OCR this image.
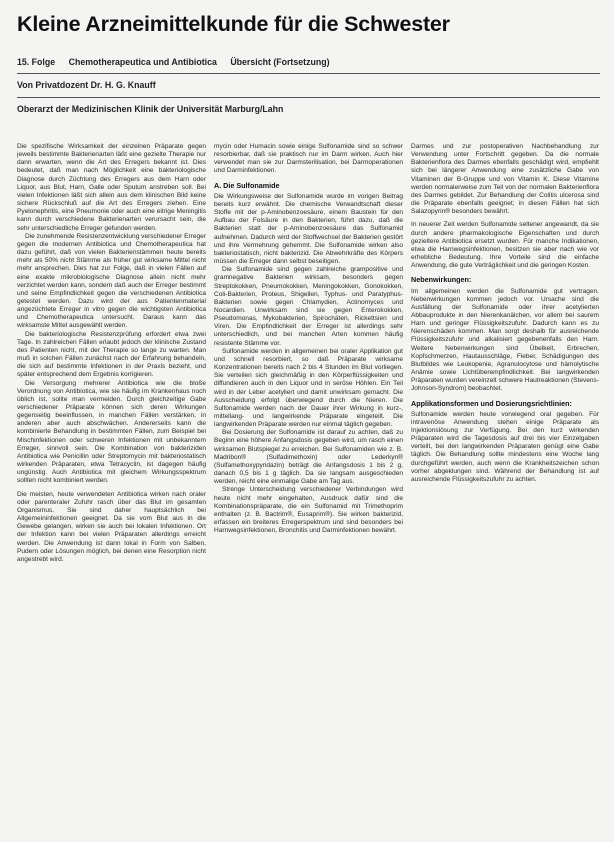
Kleine Arzneimittelkunde für die Schwester
15. Folge Chemotherapeutica und Antibiotica Übersicht (Fortsetzung)

Von Privatdozent Dr. H. G. Knauff

Oberarzt der Medizinischen Klinik der Universität Marburg/Lahn

Die spezifische Wirksamkeit der einzelnen Präparate gegen jeweils bestimmte Bakterienarten läßt eine gezielte Therapie nur dann erwarten, wenn die Art des Erregers bekannt ist. Dies bedeutet, daß man nach Möglichkeit eine bakteriologische Diagnose durch Züchtung des Erregers aus dem Harn oder Liquor, aus Blut, Harn, Galle oder Sputum anstreben soll. Bei vielen Infektionen läßt sich allein aus dem klinischen Bild keine sichere Rückschluß auf die Art des Erregers ziehen. Eine Pyelonephritis, eine Pneumonie oder auch eine eitrige Meningitis kann durch verschiedene Bakterienarten verursacht sein, die sehr unterschiedliche Erreger gefunden werden.

Die zunehmende Resistenzentwicklung verschiedener Erreger gegen die modernen Antibiotica und Chemotherapeutica hat dazu geführt, daß von vielen Bakterienstämmen heute bereits mehr als 50% nicht Stämme als früher gut wirksame Mittel nicht mehr ansprechen. Dies hat zur Folge, daß in vielen Fällen auf eine exakte mikrobiologische Diagnose allein nicht mehr verzichtet werden kann, sondern daß auch der Erreger bestimmt und seine Empfindlichkeit gegen die verschiedenen Antibiotica getestet werden. Dazu wird der aus Patientenmaterial angezüchtete Erreger in vitro gegen die wichtigsten Antibiotica und Chemotherapeutica untersucht. Daraus kann das wirksamste Mittel ausgewählt werden.

Die bakteriologische Resistenzprüfung erfordert etwa zwei Tage. In zahlreichen Fällen erlaubt jedoch der klinische Zustand des Patienten nicht, mit der Therapie so lange zu warten. Man muß in solchen Fällen zunächst nach der Erfahrung behandeln, die sich auf bestimmte Infektionen in der Praxis bezieht, und später entsprechend dem Ergebnis korrigieren.

Die Versorgung mehrerer Antibiotica wie die bloße Verordnung von Antibiotica, wie sie häufig im Krankenhaus noch üblich ist, sollte man vermeiden. Durch gleichzeitige Gabe verschiedener Präparate können sich deren Wirkungen gegenseitig beeinflussen, in manchen Fällen verstärken, in anderen aber auch abschwächen. Andererseits kann die kombinierte Behandlung in bestimmten Fällen, zum Beispiel bei Mischinfektionen oder schweren Infektionen mit unbekanntem Erreger, sinnvoll sein. Die Kombination von bakteriziden Antibiotica wie Penicillin oder Streptomycin mit bakteriostatisch wirkenden Präparaten, etwa Tetracyclin, ist dagegen häufig ungünstig. Auch Antibiotica mit gleichem Wirkungsspektrum sollten nicht kombiniert werden.

Die meisten, heute verwendeten Antibiotica wirken nach oraler oder parenteraler Zufuhr rasch über das Blut im gesamten Organismus. Sie sind daher hauptsächlich bei Allgemeininfektionen geeignet. Da sie vom Blut aus in die Gewebe gelangen, wirken sie auch bei lokalen Infektionen. Ort der Infektion kann bei vielen Präparaten allerdings erreicht werden. Die Anwendung ist dann lokal in Form von Salben, Pudern oder Lösungen möglich, bei denen eine Resorption nicht angestrebt wird.

mycin oder Humacin sowie einige Sulfonamide sind so schwer resorbierbar, daß sie praktisch nur im Darm wirken. Auch hier verwendet man sie zur Darmsterilisation, bei Darmoperationen und Darminfektionen.

A. Die Sulfonamide

Die Wirkungsweise der Sulfonamide wurde im vorigen Beitrag bereits kurz erwähnt. Die chemische Verwandtschaft dieser Stoffe mit der p-Aminobenzoesäure, einem Baustein für den Aufbau der Folsäure in den Bakterien, führt dazu, daß die Bakterien statt der p-Aminobenzoesäure das Sulfonamid aufnehmen. Dadurch wird der Stoffwechsel der Bakterien gestört und ihre Vermehrung gehemmt. Die Sulfonamide wirken also bakteriostatisch, nicht bakterizid. Die Abwehrkräfte des Körpers müssen die Erreger dann selbst beseitigen.

Die Sulfonamide sind gegen zahlreiche grampositive und gramnegative Bakterien wirksam, besonders gegen Streptokokken, Pneumokokken, Meningokokken, Gonokokken, Coli-Bakterien, Proteus, Shigellen, Typhus- und Paratyphus-Bakterien sowie gegen Chlamydien, Actinomyces und Nocardien. Unwirksam sind sie gegen Enterokokken, Pseudomonas, Mykobakterien, Spirochäten, Rickettsien und Viren. Die Empfindlichkeit der Erreger ist allerdings sehr unterschiedlich, und bei manchen Arten kommen häufig resistente Stämme vor.

Sulfonamide werden in allgemeinen bei oraler Applikation gut und schnell resorbiert, so daß Präparate wirksame Konzentrationen bereits nach 2 bis 4 Stunden im Blut vorliegen. Sie verteilen sich gleichmäßig in den Körperflüssigkeiten und diffundieren auch in den Liquor und in seröse Höhlen. Ein Teil wird in der Leber acetyliert und damit unwirksam gemacht. Die Ausscheidung erfolgt überwiegend durch die Nieren. Die Sulfonamide werden nach der Dauer ihrer Wirkung in kurz-, mittellang- und langwirkende Präparate eingeteilt. Die langwirkenden Präparate werden nur einmal täglich gegeben.

Bei Dosierung der Sulfonamide ist darauf zu achten, daß zu Beginn eine höhere Anfangsdosis gegeben wird, um rasch einen wirksamen Blutspiegel zu erreichen. Bei Sulfonamiden wie z. B. Madribon® (Sulfadimethoxin) oder Lederkyn® (Sulfamethoxypyridazin) beträgt die Anfangsdosis 1 bis 2 g, danach 0,5 bis 1 g täglich. Da sie langsam ausgeschieden werden, reicht eine einmalige Gabe am Tag aus.

Strenge Unterscheidung verschiedener Verbindungen wird heute nicht mehr eingehalten, Ausdruck dafür sind die Kombinationspräparate, die ein Sulfonamid mit Trimethoprim enthalten (z. B. Bactrim®, Eusaprim®). Sie wirken bakterizid, erfassen ein breiteres Erregerspektrum und sind besonders bei Harnwegsinfektionen, Bronchitis und Darminfektionen bewährt.

Darmes und zur postoperativen Nachbehandlung zur Verwendung unter Fortschritt gegeben. Da die normale Bakterienflora des Darmes ebenfalls geschädigt wird, empfiehlt sich bei längerer Anwendung eine zusätzliche Gabe von Vitaminen der B-Gruppe und von Vitamin K. Diese Vitamine werden normalerweise zum Teil von der normalen Bakterienflora des Darmes gebildet. Zur Behandlung der Colitis ulcerosa sind die Präparate ebenfalls geeignet; in diesen Fällen hat sich Salazopyrin® besonders bewährt.

In neuerer Zeit werden Sulfonamide seltener angewandt, da sie durch andere pharmakologische Eigenschaften und durch gezieltere Antibiotica ersetzt wurden. Für manche Indikationen, etwa die Harnwegsinfektionen, besitzen sie aber nach wie vor erhebliche Bedeutung. Ihre Vorteile sind die einfache Anwendung, die gute Verträglichkeit und die geringen Kosten.

Nebenwirkungen:

Im allgemeinen werden die Sulfonamide gut vertragen. Nebenwirkungen kommen jedoch vor. Ursache sind die Ausfällung der Sulfonamide oder ihrer acetylierten Abbauprodukte in den Nierenkanälchen, vor allem bei saurem Harn und geringer Flüssigkeitszufuhr. Dadurch kann es zu Nierenschäden kommen. Man sorgt deshalb für ausreichende Flüssigkeitszufuhr und alkalisiert gegebenenfalls den Harn. Weitere Nebenwirkungen sind Übelkeit, Erbrechen, Kopfschmerzen, Hautausschläge, Fieber, Schädigungen des Blutbildes wie Leukopenie, Agranulocytose und hämolytische Anämie sowie Lichtüberempfindlichkeit. Bei langwirkenden Präparaten wurden vereinzelt schwere Hautreaktionen (Stevens-Johnson-Syndrom) beobachtet.

Applikationsformen und Dosierungsrichtlinien:

Sulfonamide werden heute vorwiegend oral gegeben. Für intravenöse Anwendung stehen einige Präparate als Injektionslösung zur Verfügung. Bei den kurz wirkenden Präparaten wird die Tagesdosis auf drei bis vier Einzelgaben verteilt, bei den langwirkenden Präparaten genügt eine Gabe täglich. Die Behandlung sollte mindestens eine Woche lang durchgeführt werden, auch wenn die Krankheitszeichen schon vorher abgeklungen sind. Während der Behandlung ist auf ausreichende Flüssigkeitszufuhr zu achten.
